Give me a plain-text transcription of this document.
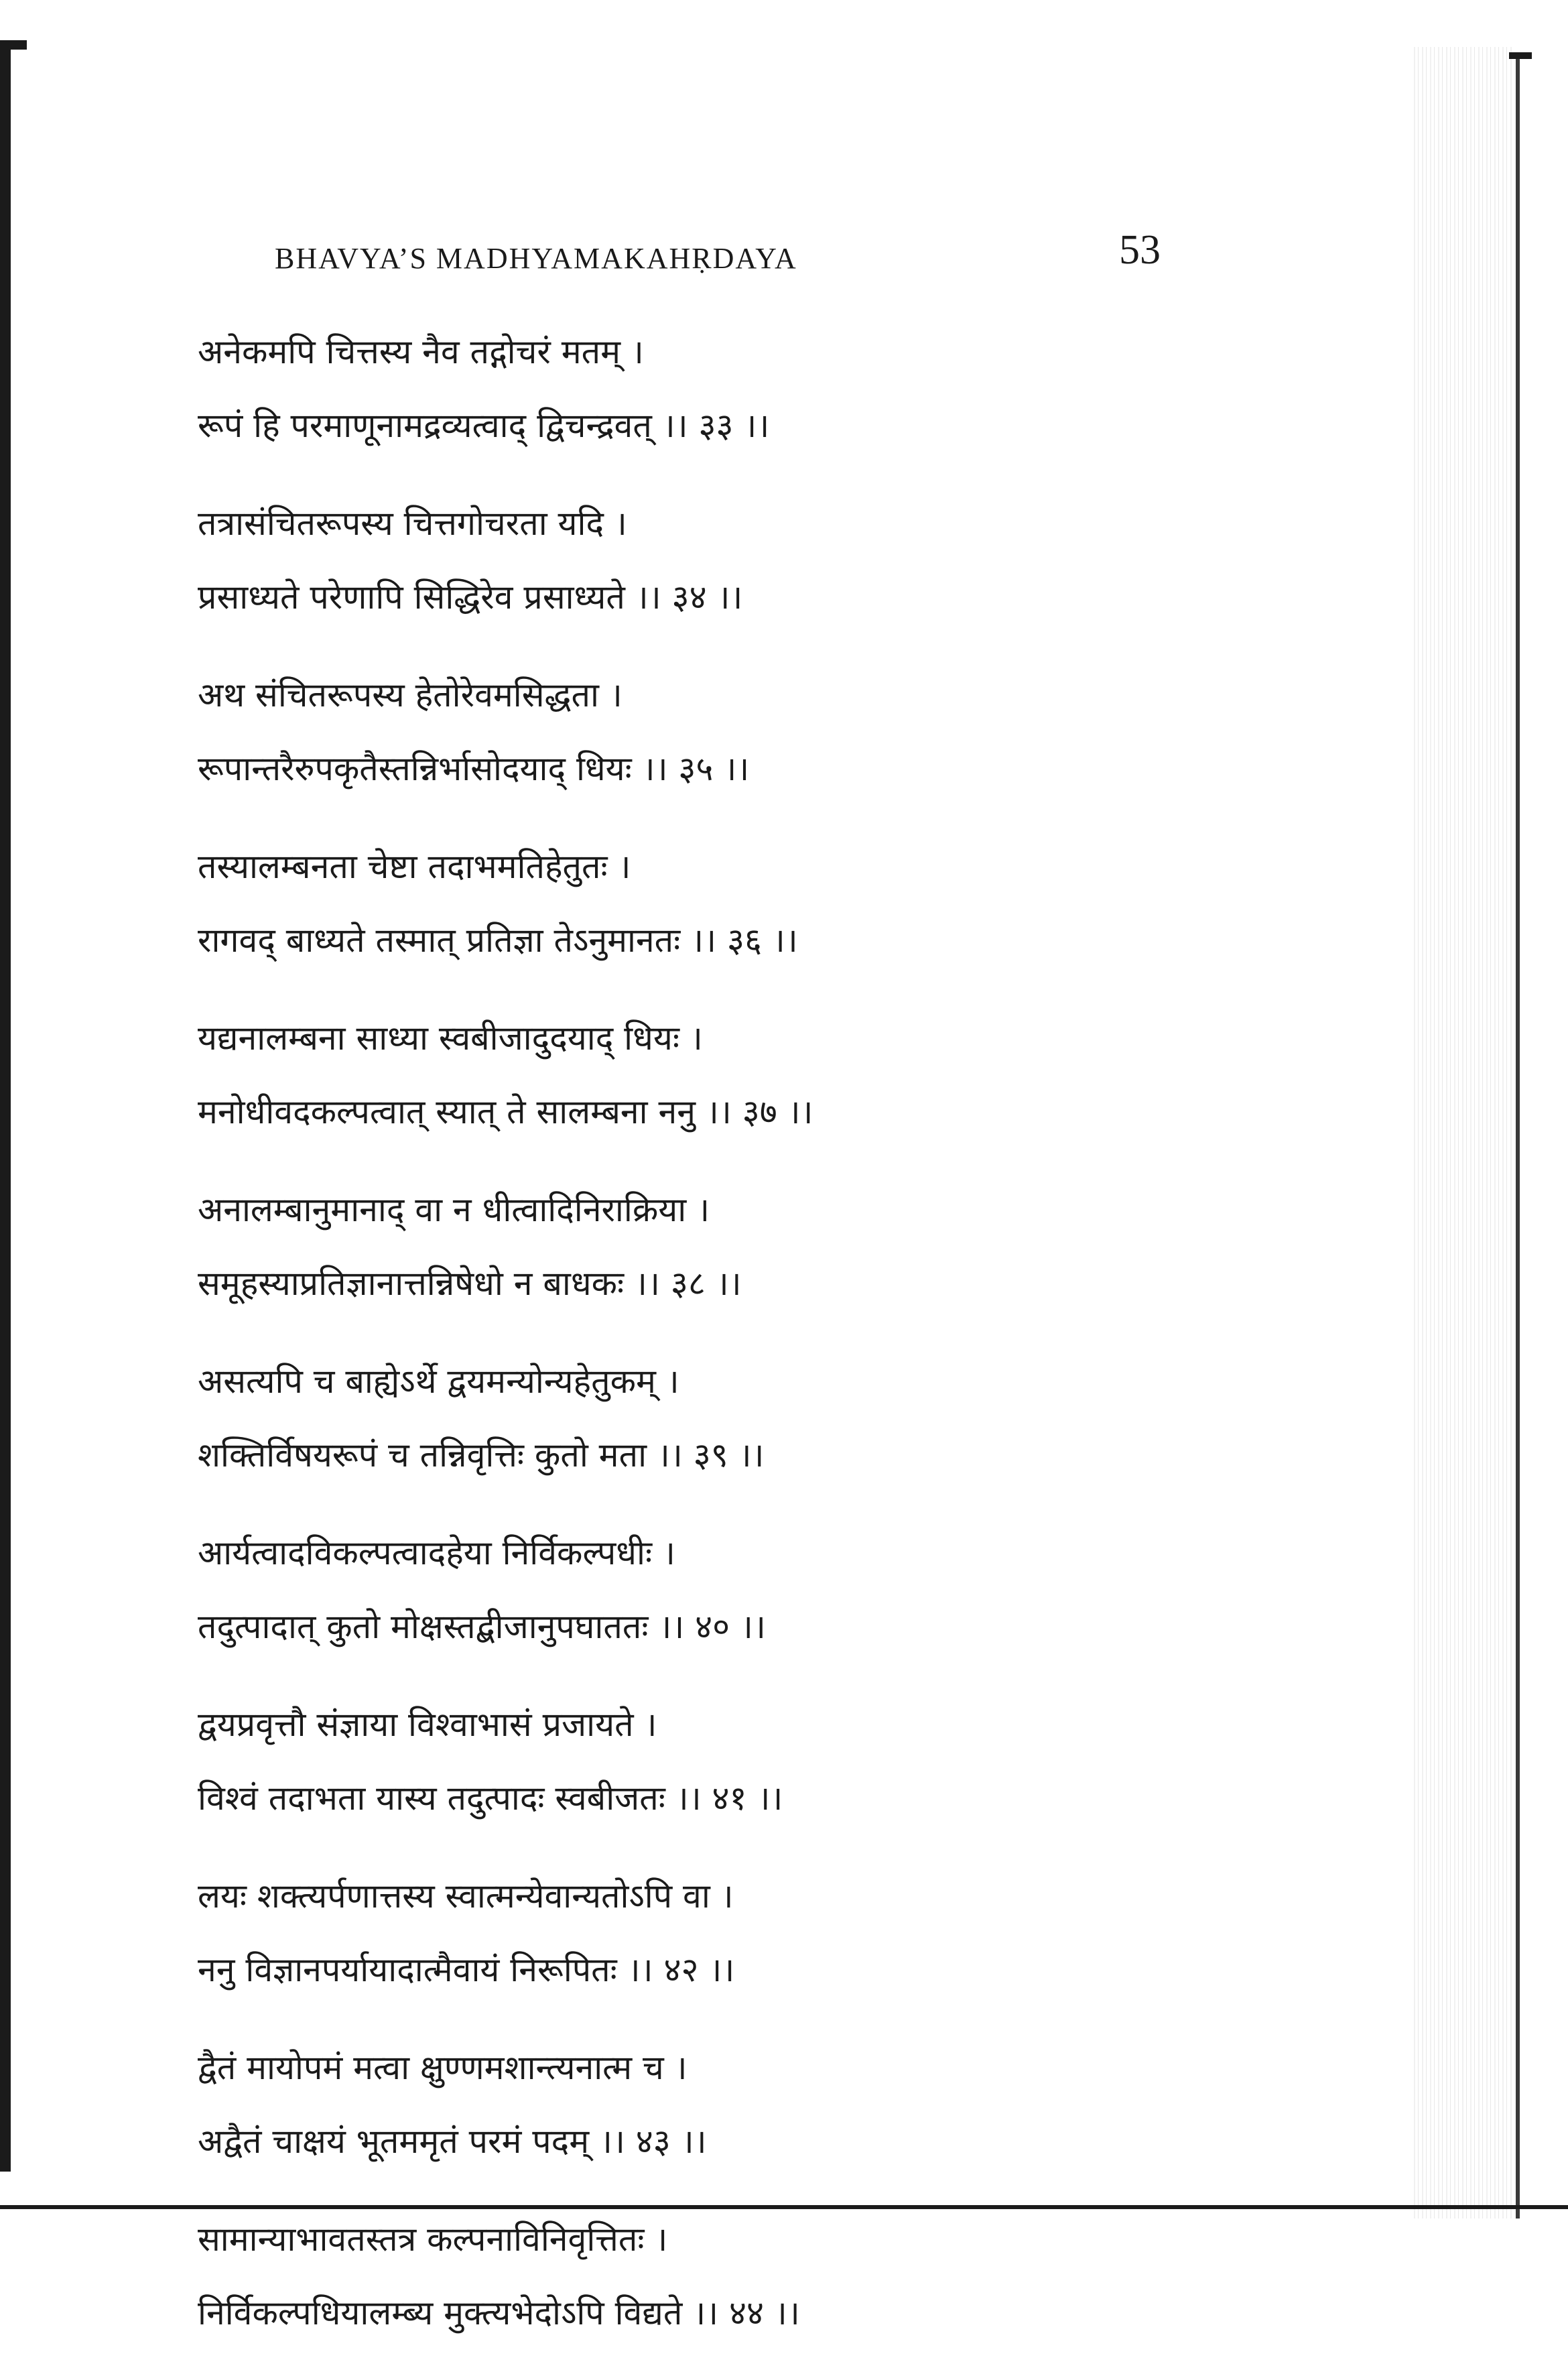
BHAVYA’S MADHYAMAKAHṚDAYA	53
अनेकमपि चित्तस्य नैव तद्गोचरं मतम् ।
रूपं हि परमाणूनामद्रव्यत्वाद् द्विचन्द्रवत् ।। ३३ ।।
तत्रासंचितरूपस्य चित्तगोचरता यदि ।
प्रसाध्यते परेणापि सिद्धिरेव प्रसाध्यते ।। ३४ ।।
अथ संचितरूपस्य हेतोरेवमसिद्धता ।
रूपान्तरैरुपकृतैस्तन्निर्भासोदयाद् धियः ।। ३५ ।।
तस्यालम्बनता चेष्टा तदाभमतिहेतुतः ।
रागवद् बाध्यते तस्मात् प्रतिज्ञा तेऽनुमानतः ।। ३६ ।।
यद्यनालम्बना साध्या स्वबीजादुदयाद् धियः ।
मनोधीवदकल्पत्वात् स्यात् ते सालम्बना ननु ।। ३७ ।।
अनालम्बानुमानाद् वा न धीत्वादिनिराक्रिया ।
समूहस्याप्रतिज्ञानात्तन्निषेधो न बाधकः ।। ३८ ।।
असत्यपि च बाह्येऽर्थे द्वयमन्योन्यहेतुकम् ।
शक्तिर्विषयरूपं च तन्निवृत्तिः कुतो मता ।। ३९ ।।
आर्यत्वादविकल्पत्वादहेया निर्विकल्पधीः ।
तदुत्पादात् कुतो मोक्षस्तद्बीजानुपघाततः ।। ४० ।।
द्वयप्रवृत्तौ संज्ञाया विश्वाभासं प्रजायते ।
विश्वं तदाभता यास्य तदुत्पादः स्वबीजतः ।। ४१ ।।
लयः शक्त्यर्पणात्तस्य स्वात्मन्येवान्यतोऽपि वा ।
ननु विज्ञानपर्यायादात्मैवायं निरूपितः ।। ४२ ।।
द्वैतं मायोपमं मत्वा क्षुण्णमशान्त्यनात्म च ।
अद्वैतं चाक्षयं भूतममृतं परमं पदम् ।। ४३ ।।
सामान्याभावतस्तत्र कल्पनाविनिवृत्तितः ।
निर्विकल्पधियालम्ब्य मुक्त्यभेदोऽपि विद्यते ।। ४४ ।।
